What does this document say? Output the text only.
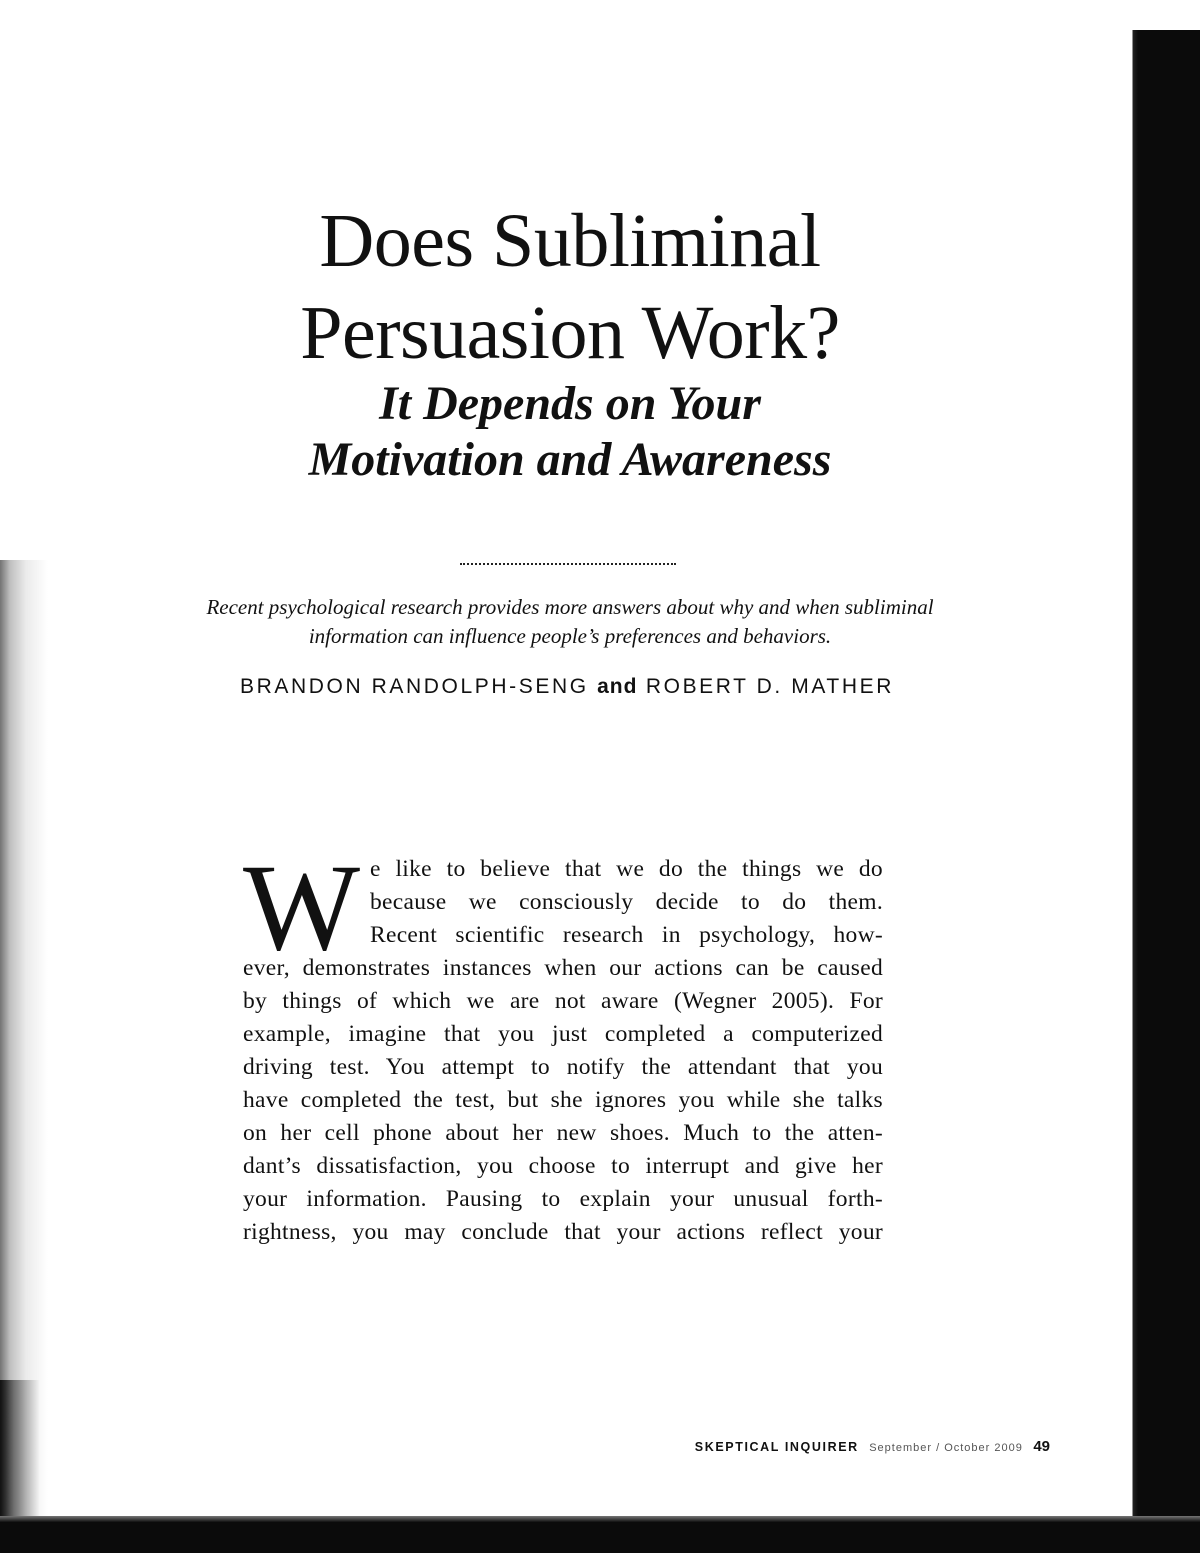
Does Subliminal
Persuasion Work?
It Depends on Your
Motivation and Awareness

Recent psychological research provides more answers about why and when subliminal

information can influence people’s preferences and behaviors.

BRANDON RANDOLPH-SENG and ROBERT D. MATHER

W e like to believe that we do the things we do
because we consciously decide to do them.
Recent scientific research in psychology, how-
ever, demonstrates instances when our actions can be caused
by things of which we are not aware (Wegner 2005). For
example, imagine that you just completed a computerized
driving test. You attempt to notify the attendant that you
have completed the test, but she ignores you while she talks
on her cell phone about her new shoes. Much to the atten-
dant’s dissatisfaction, you choose to interrupt and give her
your information. Pausing to explain your unusual forth-
rightness, you may conclude that your actions reflect your
SKEPTICAL INQUIRER September / October 2009 49
